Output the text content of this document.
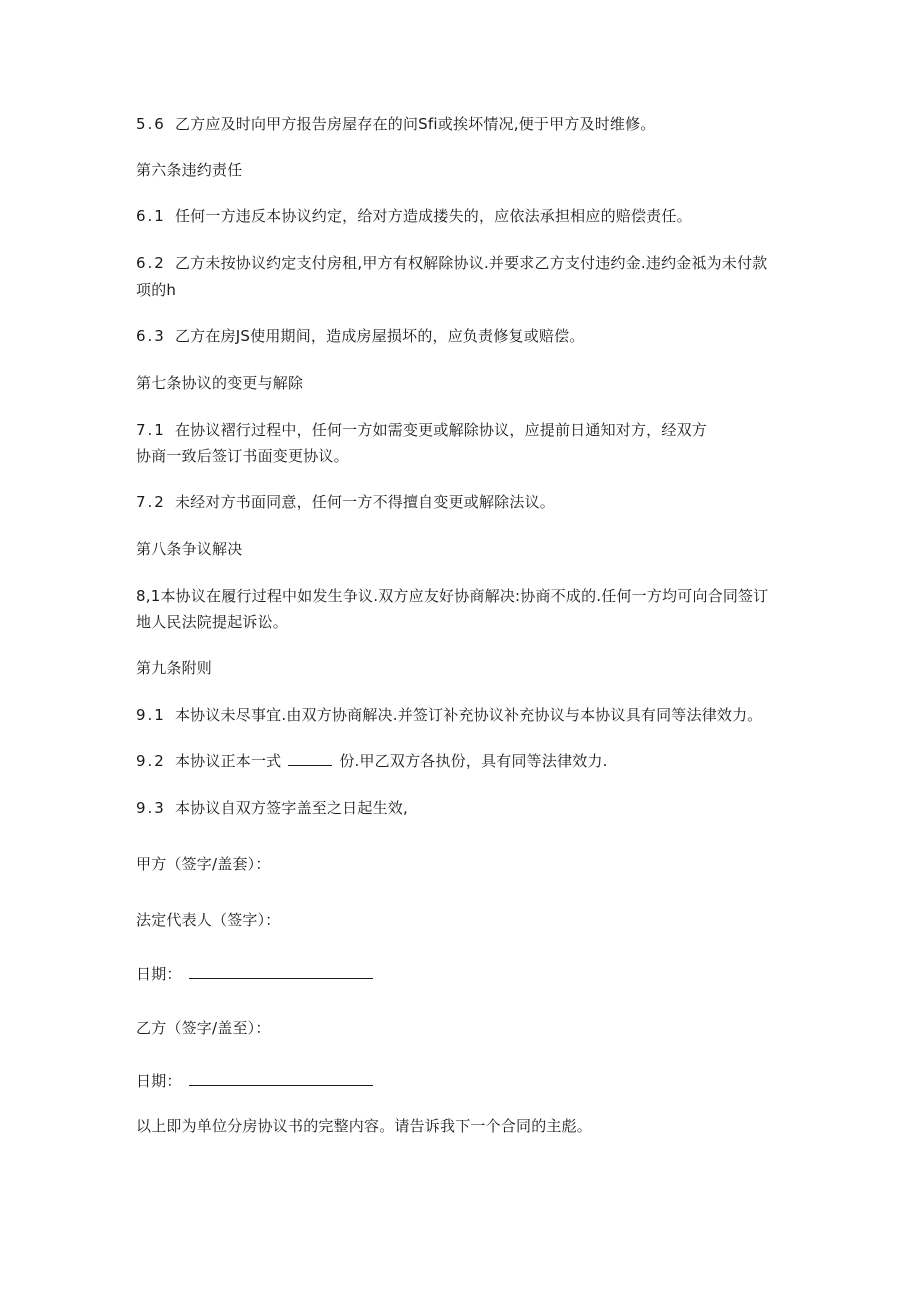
5.6 乙方应及时向甲方报告房屋存在的问Sfi或挨坏情况,便于甲方及时维修。
第六条违约责任
6.1 任何一方违反本协议约定，给对方造成搂失的，应依法承担相应的赔偿责任。
6.2 乙方未按协议约定支付房租,甲方有权解除协议.并要求乙方支付违约金.违约金祗为未付款
项的h
6.3 乙方在房JS使用期间，造成房屋损坏的，应负责修复或赔偿。
第七条协议的变更与解除
7.1 在协议褶行过程中，任何一方如需变更或解除协议，应提前日通知对方，经双方
协商一致后签订书面变更协议。
7.2 未经对方书面同意，任何一方不得擅自变更或解除法议。
第八条争议解决
8,1本协议在履行过程中如发生争议.双方应友好协商解决:协商不成的.任何一方均可向合同签订
地人民法院提起诉讼。
第九条附则
9.1 本协议未尽事宜.由双方协商解决.并签订补充协议补充协议与本协议具有同等法律效力。
9.2 本协议正本一式	份.甲乙双方各执份，具有同等法律效力.
9.3 本协议自双方签字盖至之日起生效,
甲方（签字/盖套）：
法定代表人（签字）：
日期：
乙方（签字/盖至）：
日期：
以上即为单位分房协议书的完整内容。请告诉我下一个合同的主彪。
